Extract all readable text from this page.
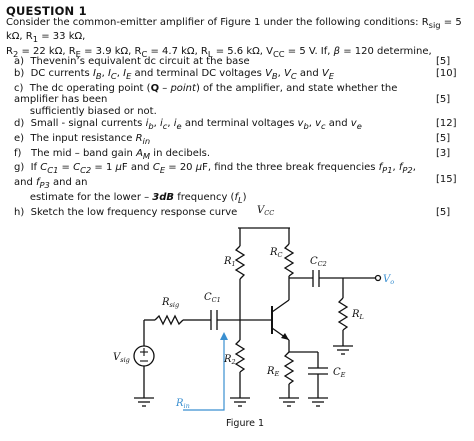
QUESTION 1
Consider the common-emitter amplifier of Figure 1 under the following conditions: $R_{sig} = 5$ kΩ, $R_1 = 33$ kΩ,
$R_2 = 22$ kΩ, $R_E = 3.9$ kΩ, $R_C = 4.7$ kΩ, $R_L = 5.6$ kΩ, $V_{CC} = 5$ V. If, β = 120 determine,
a)  Thevenin’s equivalent dc circuit at the base	[5]
b)  DC currents $I_B$, $I_C$, $I_E$ and terminal DC voltages $V_B$, $V_C$ and $V_E$	[10]
c)  The dc operating point (Q – point) of the amplifier, and state whether the amplifier has been
sufficiently biased or not.

[5]
d)  Small - signal currents $i_b$, $i_c$, $i_e$ and terminal voltages $v_b$, $v_c$ and $v_e$	[12]
e)  The input resistance $R_{in}$	[5]
f)   The mid – band gain $A_M$ in decibels.	[3]
g)  If $C_{C1} = C_{C2} = 1$ μF and $C_E = 20$ μF, find the three break frequencies $f_{P1}$, $f_{P2}$, and $f_{P3}$ and an
estimate for the lower – 3dB frequency $(f_L)$

[15]
h)  Sketch the low frequency response curve	[5]
$V_{CC}$
$R_1$
$R_C$
$C_{C2}$
$V_o$
$R_{sig}$
$C_{C1}$
$R_L$
$V_{sig}$	$R_2$
$R_E$	$C_E$
$R_{in}$
Figure 1
